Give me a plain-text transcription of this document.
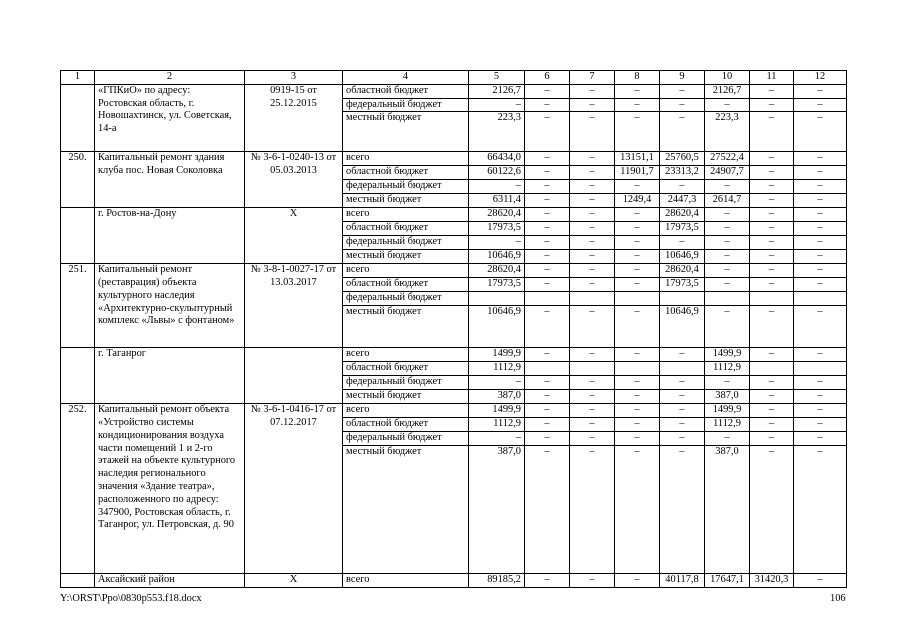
1	2	3	4	5	6	7	8	9	10	11	12
	«ГПКиО» по адресу: Ростовская область, г. Новошахтинск, ул. Советская, 14-а	0919-15 от 25.12.2015	областной бюджет	2126,7	–	–	–	–	2126,7	–	–
			федеральный бюджет	–	–	–	–	–	–	–	–
			местный бюджет	223,3	–	–	–	–	223,3	–	–
250.	Капитальный ремонт здания клуба пос. Новая Соколовка	№ 3-6-1-0240-13 от 05.03.2013	всего	66434,0	–	–	13151,1	25760,5	27522,4	–	–
			областной бюджет	60122,6	–	–	11901,7	23313,2	24907,7	–	–
			федеральный бюджет	–	–	–	–	–	–	–	–
			местный бюджет	6311,4	–	–	1249,4	2447,3	2614,7	–	–
	г. Ростов-на-Дону	Х	всего	28620,4	–	–	–	28620,4	–	–	–
			областной бюджет	17973,5	–	–	–	17973,5	–	–	–
			федеральный бюджет	–	–	–	–	–	–	–	–
			местный бюджет	10646,9	–	–	–	10646,9	–	–	–
251.	Капитальный ремонт (реставрация) объекта культурного наследия «Архитектурно-скульптурный комплекс «Львы» с фонтаном»	№ 3-8-1-0027-17 от 13.03.2017	всего	28620,4	–	–	–	28620,4	–	–	–
			областной бюджет	17973,5	–	–	–	17973,5	–	–	–
			федеральный бюджет								
			местный бюджет	10646,9	–	–	–	10646,9	–	–	–
	г. Таганрог		всего	1499,9	–	–	–	–	1499,9	–	–
			областной бюджет	1112,9					1112,9		
			федеральный бюджет	–	–	–	–	–	–	–	–
			местный бюджет	387,0	–	–	–	–	387,0	–	–
252.	Капитальный ремонт объекта «Устройство системы кондиционирования воздуха части помещений 1 и 2-го этажей на объекте культурного наследия регионального значения «Здание театра», расположенного по адресу: 347900, Ростовская область, г. Таганрог, ул. Петровская, д. 90	№ 3-6-1-0416-17 от 07.12.2017	всего	1499,9	–	–	–	–	1499,9	–	–
			областной бюджет	1112,9	–	–	–	–	1112,9	–	–
			федеральный бюджет	–	–	–	–	–	–	–	–
			местный бюджет	387,0	–	–	–	–	387,0	–	–
	Аксайский район	Х	всего	89185,2	–	–	–	40117,8	17647,1	31420,3	–
Y:\ORST\Ppo\0830p553.f18.docx	106
